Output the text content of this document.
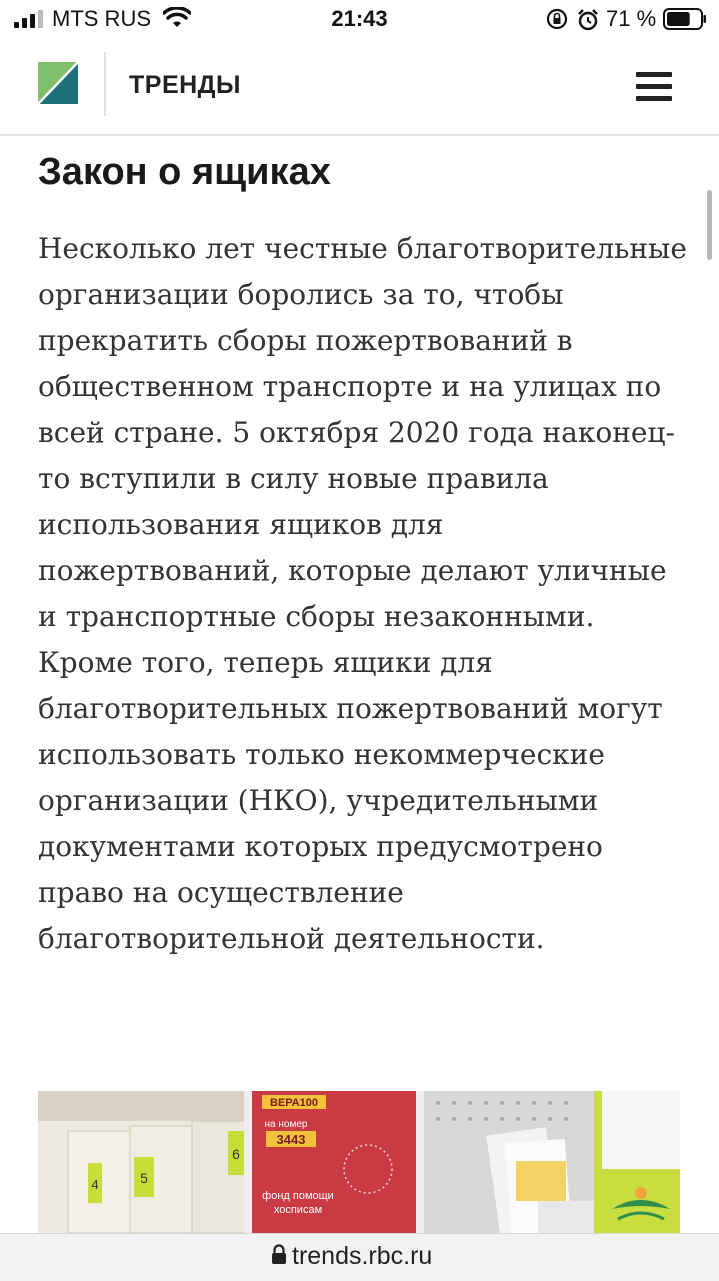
MTS RUS	21:43	71 %
ТРЕНДЫ
Закон о ящиках

Несколько лет честные благотворительные организации боролись за то, чтобы прекратить сборы пожертвований в общественном транспорте и на улицах по всей стране. 5 октября 2020 года наконец-то вступили в силу новые правила использования ящиков для пожертвований, которые делают уличные и транспортные сборы незаконными. Кроме того, теперь ящики для благотворительных пожертвований могут использовать только некоммерческие организации (НКО), учредительными документами которых предусмотрено право на осуществление благотворительной деятельности.

4	5
6
ВЕРА100
на номер
3443
фонд помощи
хосписам
trends.rbc.ru
